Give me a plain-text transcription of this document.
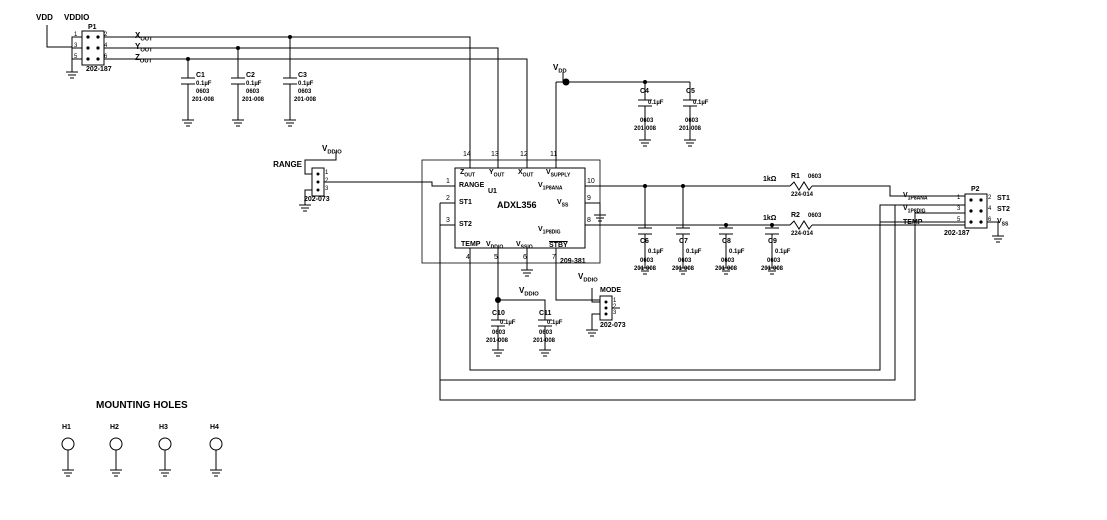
VDD VDDIO
P1
1	2
3	4
5	6
202-187
$X_{OUT}$
$Y_{OUT}$
$Z_{OUT}$
C1
0.1µF
0603
201-008
C2
0.1µF
0603
201-008
C3
0.1µF
0603
201-008
$V_{DDIO}$
RANGE
1
2
3
202-073
ADXL356
U1
209-381
14	13	12	11
$Z_{OUT}$ $Y_{OUT}$ $X_{OUT}$ $V_{SUPPLY}$
1
RANGE
2
ST1
3
ST2
10
$V_{1P8ANA}$
9
$V_{SS}$
8
$V_{1P8DIG}$
TEMP $V_{DDIO}$ $V_{SSIO}$ STBY
4	5	6	7
$V_{DD}$
C4
0.1µF
0603
201-008
C5
0.1µF
0603
201-008
1kΩ R1 0603
224-014
1kΩ R2 0603
224-014
C6
0.1µF
0603
201-008
C7
0.1µF
0603
201-008
C8
0.1µF
0603
201-008
C9
0.1µF
0603
201-008
$V_{DDIO}$
$V_{DDIO}$
MODE
1
2
3
202-073
C10
0.1µF
0603
201-008
C11
0.1µF
0603
201-008
$V_{1P8ANA}$
$V_{1P8DIG}$
TEMP
P2
1	2
3	4
5	6
ST1
ST2
$V_{SS}$
202-187
MOUNTING HOLES
H1	H2	H3	H4
